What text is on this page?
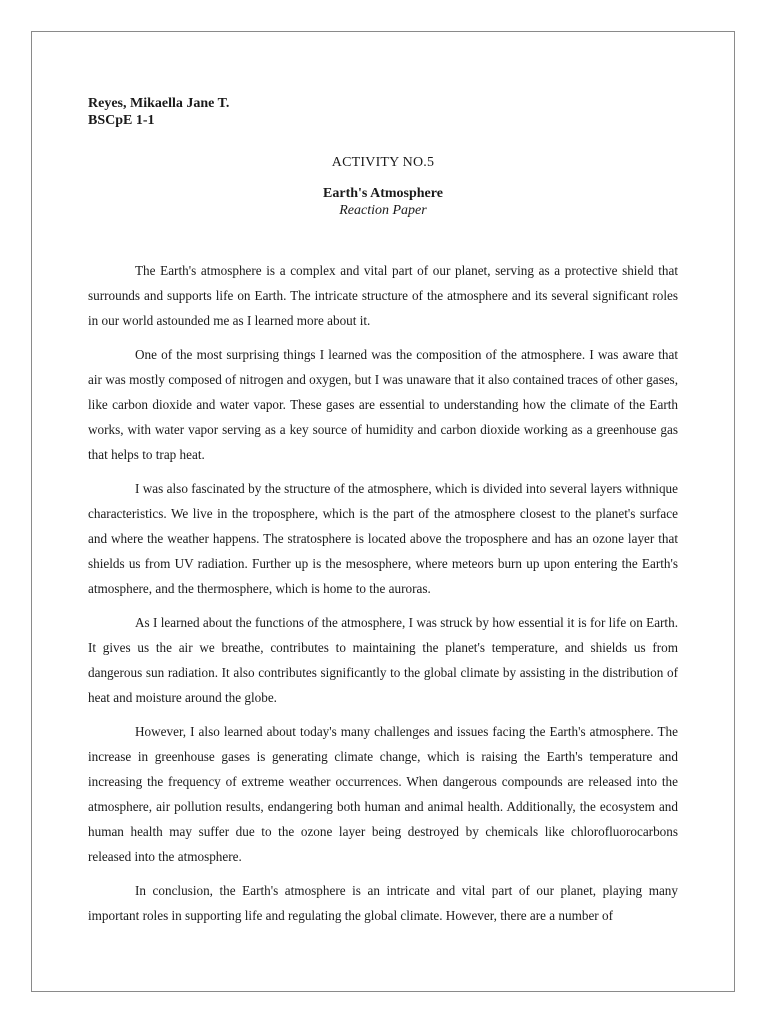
Reyes, Mikaella Jane T.
BSCpE 1-1
ACTIVITY NO.5
Earth's Atmosphere
Reaction Paper

The Earth's atmosphere is a complex and vital part of our planet, serving as a protective shield that surrounds and supports life on Earth. The intricate structure of the atmosphere and its several significant roles in our world astounded me as I learned more about it.

One of the most surprising things I learned was the composition of the atmosphere. I was aware that air was mostly composed of nitrogen and oxygen, but I was unaware that it also contained traces of other gases, like carbon dioxide and water vapor. These gases are essential to understanding how the climate of the Earth works, with water vapor serving as a key source of humidity and carbon dioxide working as a greenhouse gas that helps to trap heat.

I was also fascinated by the structure of the atmosphere, which is divided into several layers withnique characteristics. We live in the troposphere, which is the part of the atmosphere closest to the planet's surface and where the weather happens. The stratosphere is located above the troposphere and has an ozone layer that shields us from UV radiation. Further up is the mesosphere, where meteors burn up upon entering the Earth's atmosphere, and the thermosphere, which is home to the auroras.

As I learned about the functions of the atmosphere, I was struck by how essential it is for life on Earth. It gives us the air we breathe, contributes to maintaining the planet's temperature, and shields us from dangerous sun radiation. It also contributes significantly to the global climate by assisting in the distribution of heat and moisture around the globe.

However, I also learned about today's many challenges and issues facing the Earth's atmosphere. The increase in greenhouse gases is generating climate change, which is raising the Earth's temperature and increasing the frequency of extreme weather occurrences. When dangerous compounds are released into the atmosphere, air pollution results, endangering both human and animal health. Additionally, the ecosystem and human health may suffer due to the ozone layer being destroyed by chemicals like chlorofluorocarbons released into the atmosphere.

In conclusion, the Earth's atmosphere is an intricate and vital part of our planet, playing many important roles in supporting life and regulating the global climate. However, there are a number of
